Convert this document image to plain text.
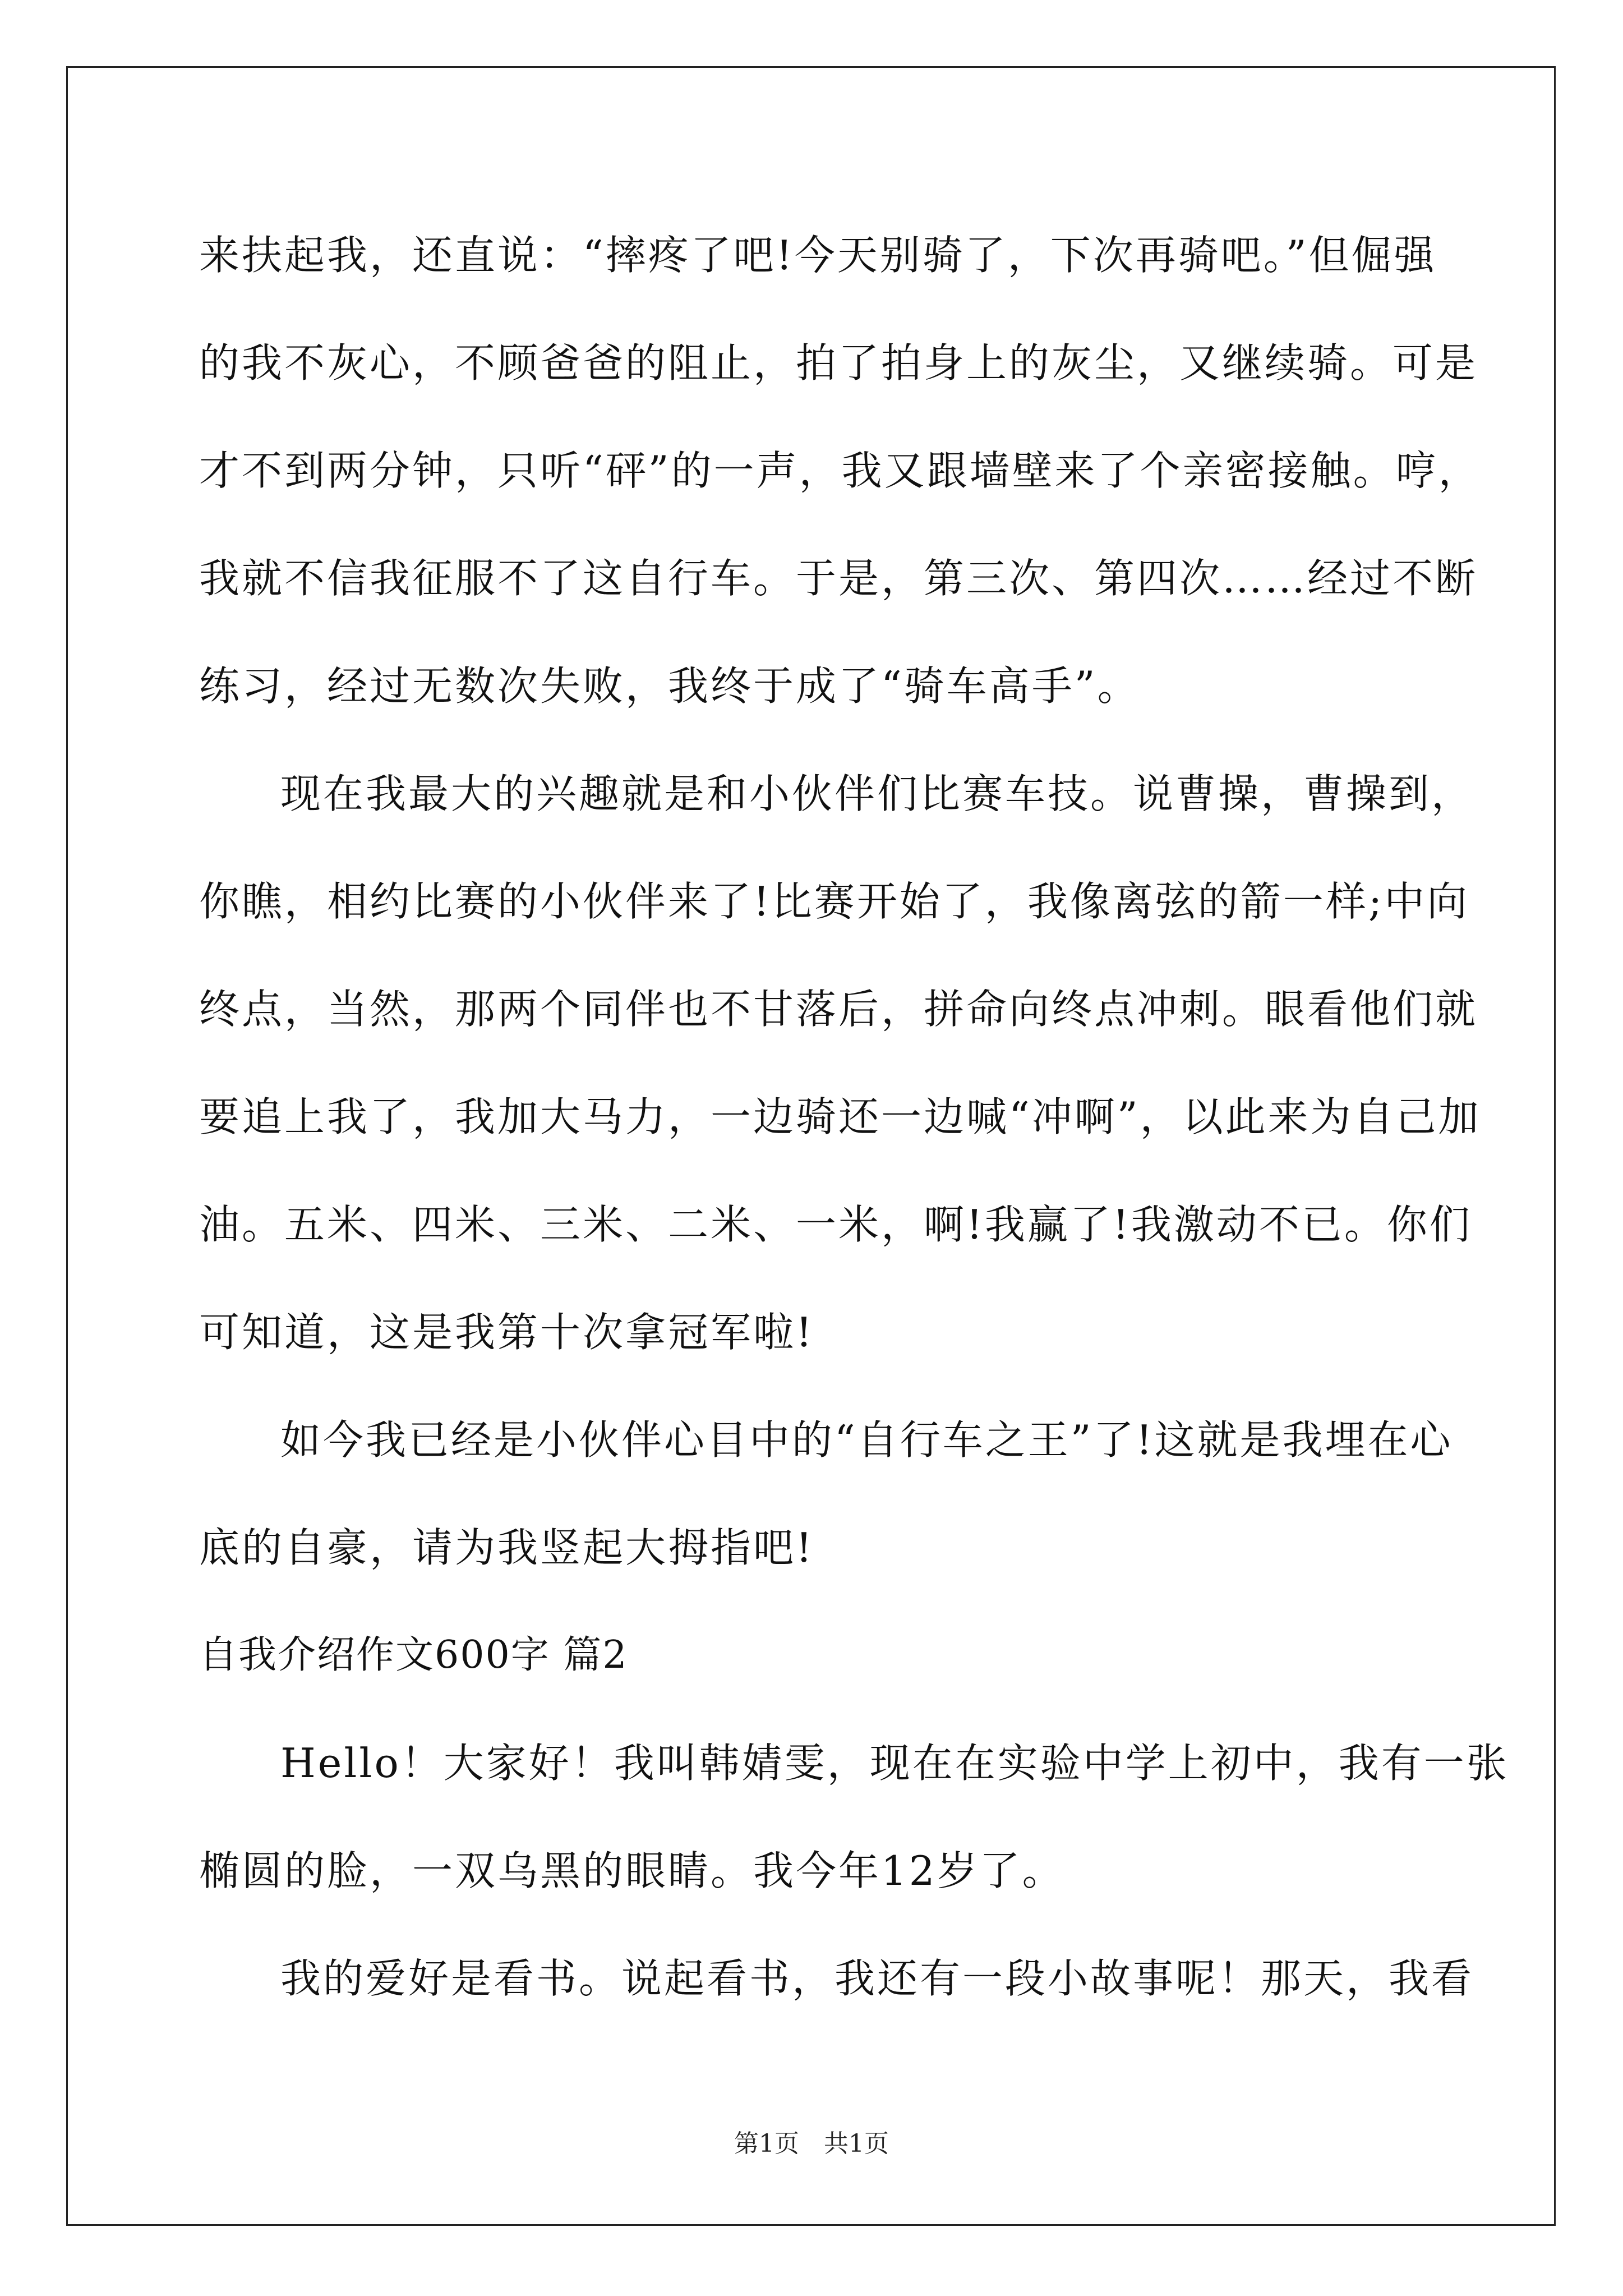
来扶起我，还直说：“摔疼了吧!今天别骑了，下次再骑吧。”但倔强
的我不灰心，不顾爸爸的阻止，拍了拍身上的灰尘，又继续骑。可是
才不到两分钟，只听“砰”的一声，我又跟墙壁来了个亲密接触。哼，
我就不信我征服不了这自行车。于是，第三次、第四次……经过不断
练习，经过无数次失败，我终于成了“骑车高手”。
现在我最大的兴趣就是和小伙伴们比赛车技。说曹操，曹操到，
你瞧，相约比赛的小伙伴来了!比赛开始了，我像离弦的箭一样;中向
终点，当然，那两个同伴也不甘落后，拼命向终点冲刺。眼看他们就
要追上我了，我加大马力，一边骑还一边喊“冲啊”，以此来为自己加
油。五米、四米、三米、二米、一米，啊!我赢了!我激动不已。你们
可知道，这是我第十次拿冠军啦!
如今我已经是小伙伴心目中的“自行车之王”了!这就是我埋在心
底的自豪，请为我竖起大拇指吧!
自我介绍作文600字 篇2
Hello！大家好！我叫韩婧雯，现在在实验中学上初中，我有一张
椭圆的脸，一双乌黑的眼睛。我今年12岁了。
我的爱好是看书。说起看书，我还有一段小故事呢！那天，我看
第1页　共1页
